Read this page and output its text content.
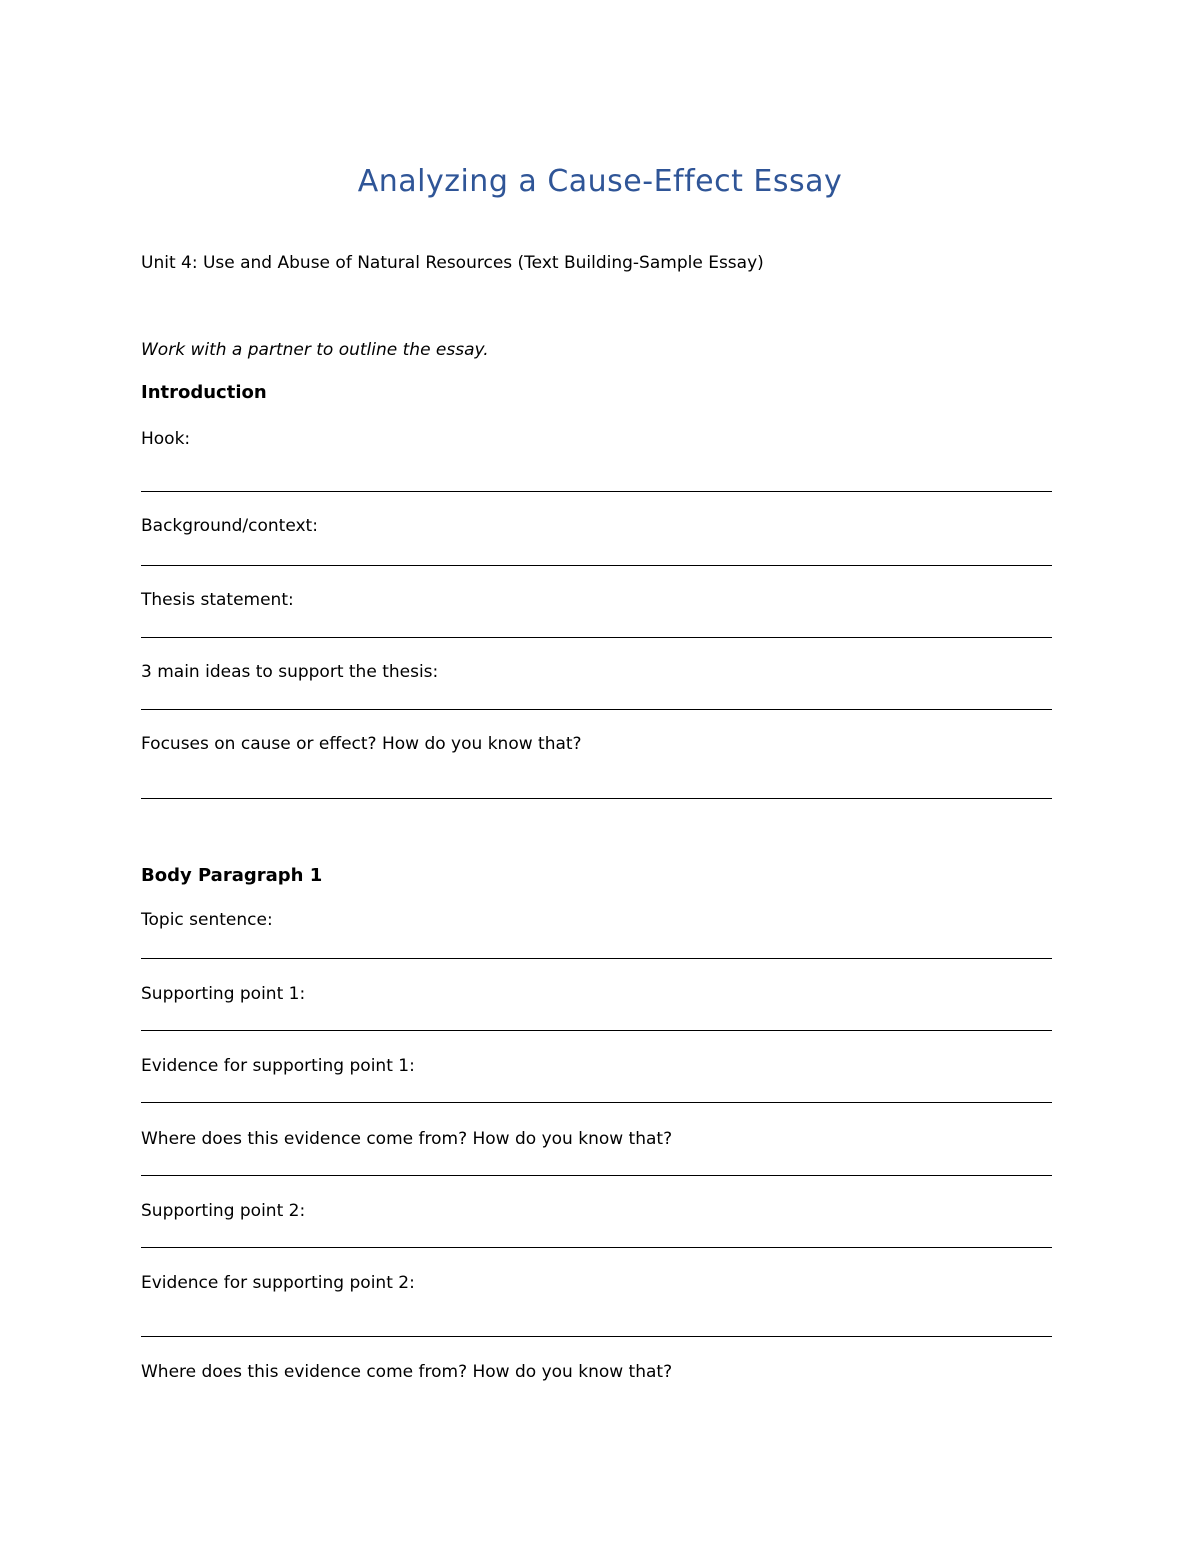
Analyzing a Cause-Effect Essay

Unit 4: Use and Abuse of Natural Resources (Text Building-Sample Essay)

Work with a partner to outline the essay.

Introduction

Hook:

Background/context:

Thesis statement:

3 main ideas to support the thesis:

Focuses on cause or effect? How do you know that?

Body Paragraph 1

Topic sentence:

Supporting point 1:

Evidence for supporting point 1:

Where does this evidence come from? How do you know that?

Supporting point 2:

Evidence for supporting point 2:

Where does this evidence come from? How do you know that?
